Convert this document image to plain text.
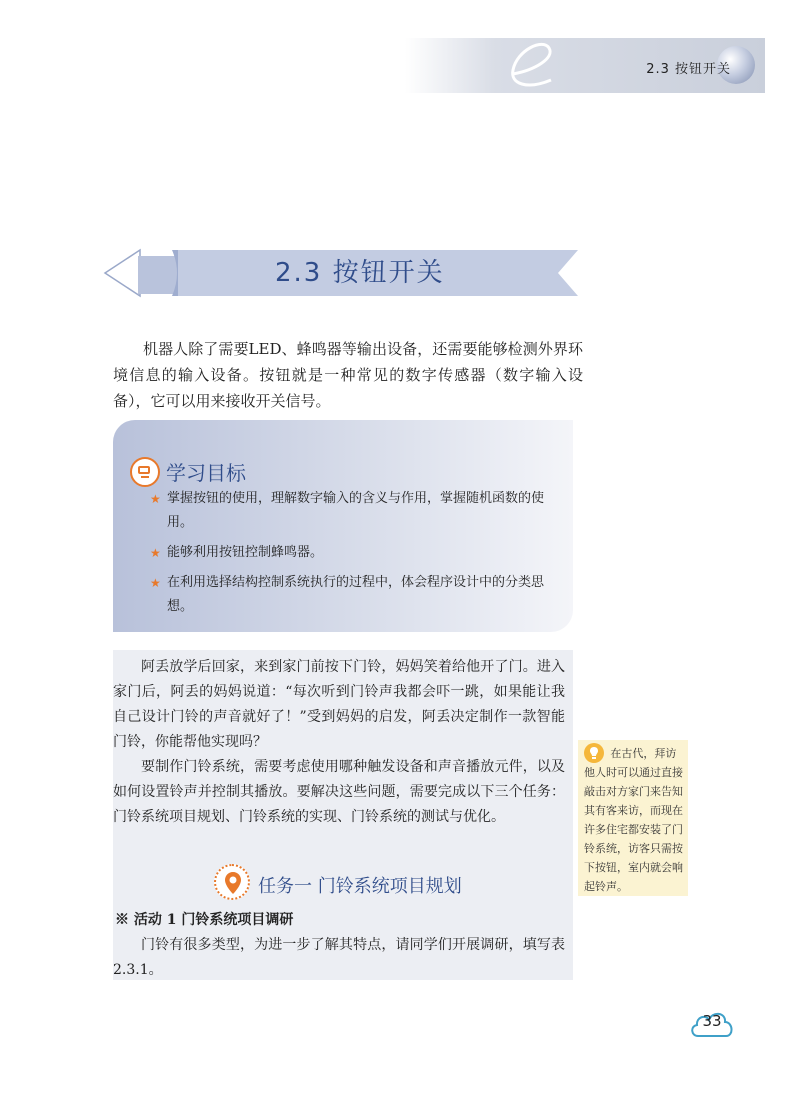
2.3 按钮开关
2.3 按钮开关
机器人除了需要LED、蜂鸣器等输出设备，还需要能够检测外界环境信息的输入设备。按钮就是一种常见的数字传感器（数字输入设备），它可以用来接收开关信号。
学习目标
★ 掌握按钮的使用，理解数字输入的含义与作用，掌握随机函数的使用。
★ 能够利用按钮控制蜂鸣器。
★ 在利用选择结构控制系统执行的过程中，体会程序设计中的分类思想。

阿丢放学后回家，来到家门前按下门铃，妈妈笑着给他开了门。进入家门后，阿丢的妈妈说道：“每次听到门铃声我都会吓一跳，如果能让我自己设计门铃的声音就好了！”受到妈妈的启发，阿丢决定制作一款智能门铃，你能帮他实现吗？

要制作门铃系统，需要考虑使用哪种触发设备和声音播放元件，以及如何设置铃声并控制其播放。要解决这些问题，需要完成以下三个任务：门铃系统项目规划、门铃系统的实现、门铃系统的测试与优化。

任务一 门铃系统项目规划
※ 活动 1 门铃系统项目调研
门铃有很多类型，为进一步了解其特点，请同学们开展调研，填写表 2.3.1。
在古代，拜访他人时可以通过直接敲击对方家门来告知其有客来访，而现在许多住宅都安装了门铃系统，访客只需按下按钮，室内就会响起铃声。
33
